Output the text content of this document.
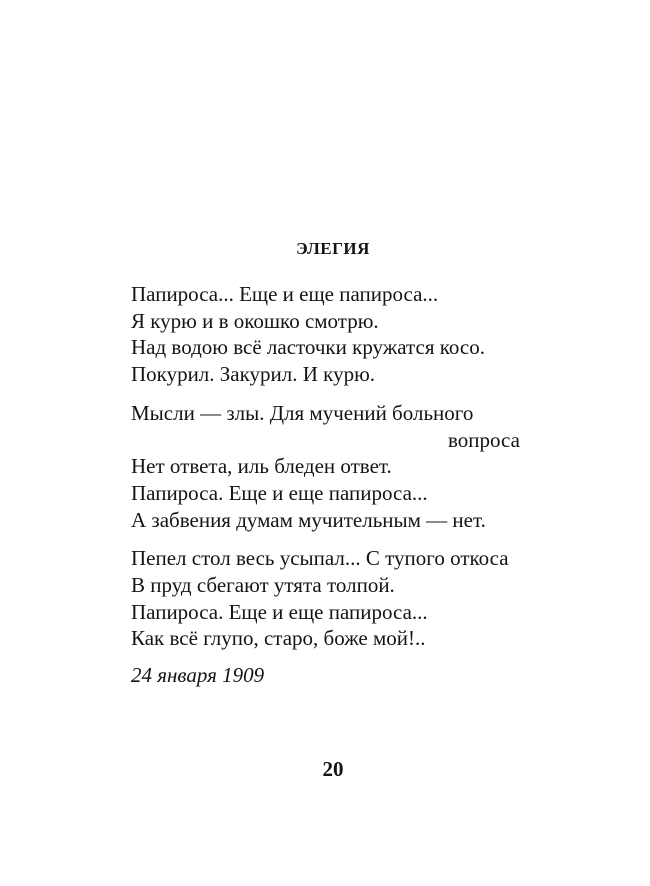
ЭЛЕГИЯ
Папироса... Еще и еще папироса...
Я курю и в окошко смотрю.
Над водою всё ласточки кружатся косо.
Покурил. Закурил. И курю.
Мысли — злы. Для мучений больного
вопроса
Нет ответа, иль бледен ответ.
Папироса. Еще и еще папироса...
А забвения думам мучительным — нет.
Пепел стол весь усыпал... С тупого откоса
В пруд сбегают утята толпой.
Папироса. Еще и еще папироса...
Как всё глупо, старо, боже мой!..
24 января 1909
20
